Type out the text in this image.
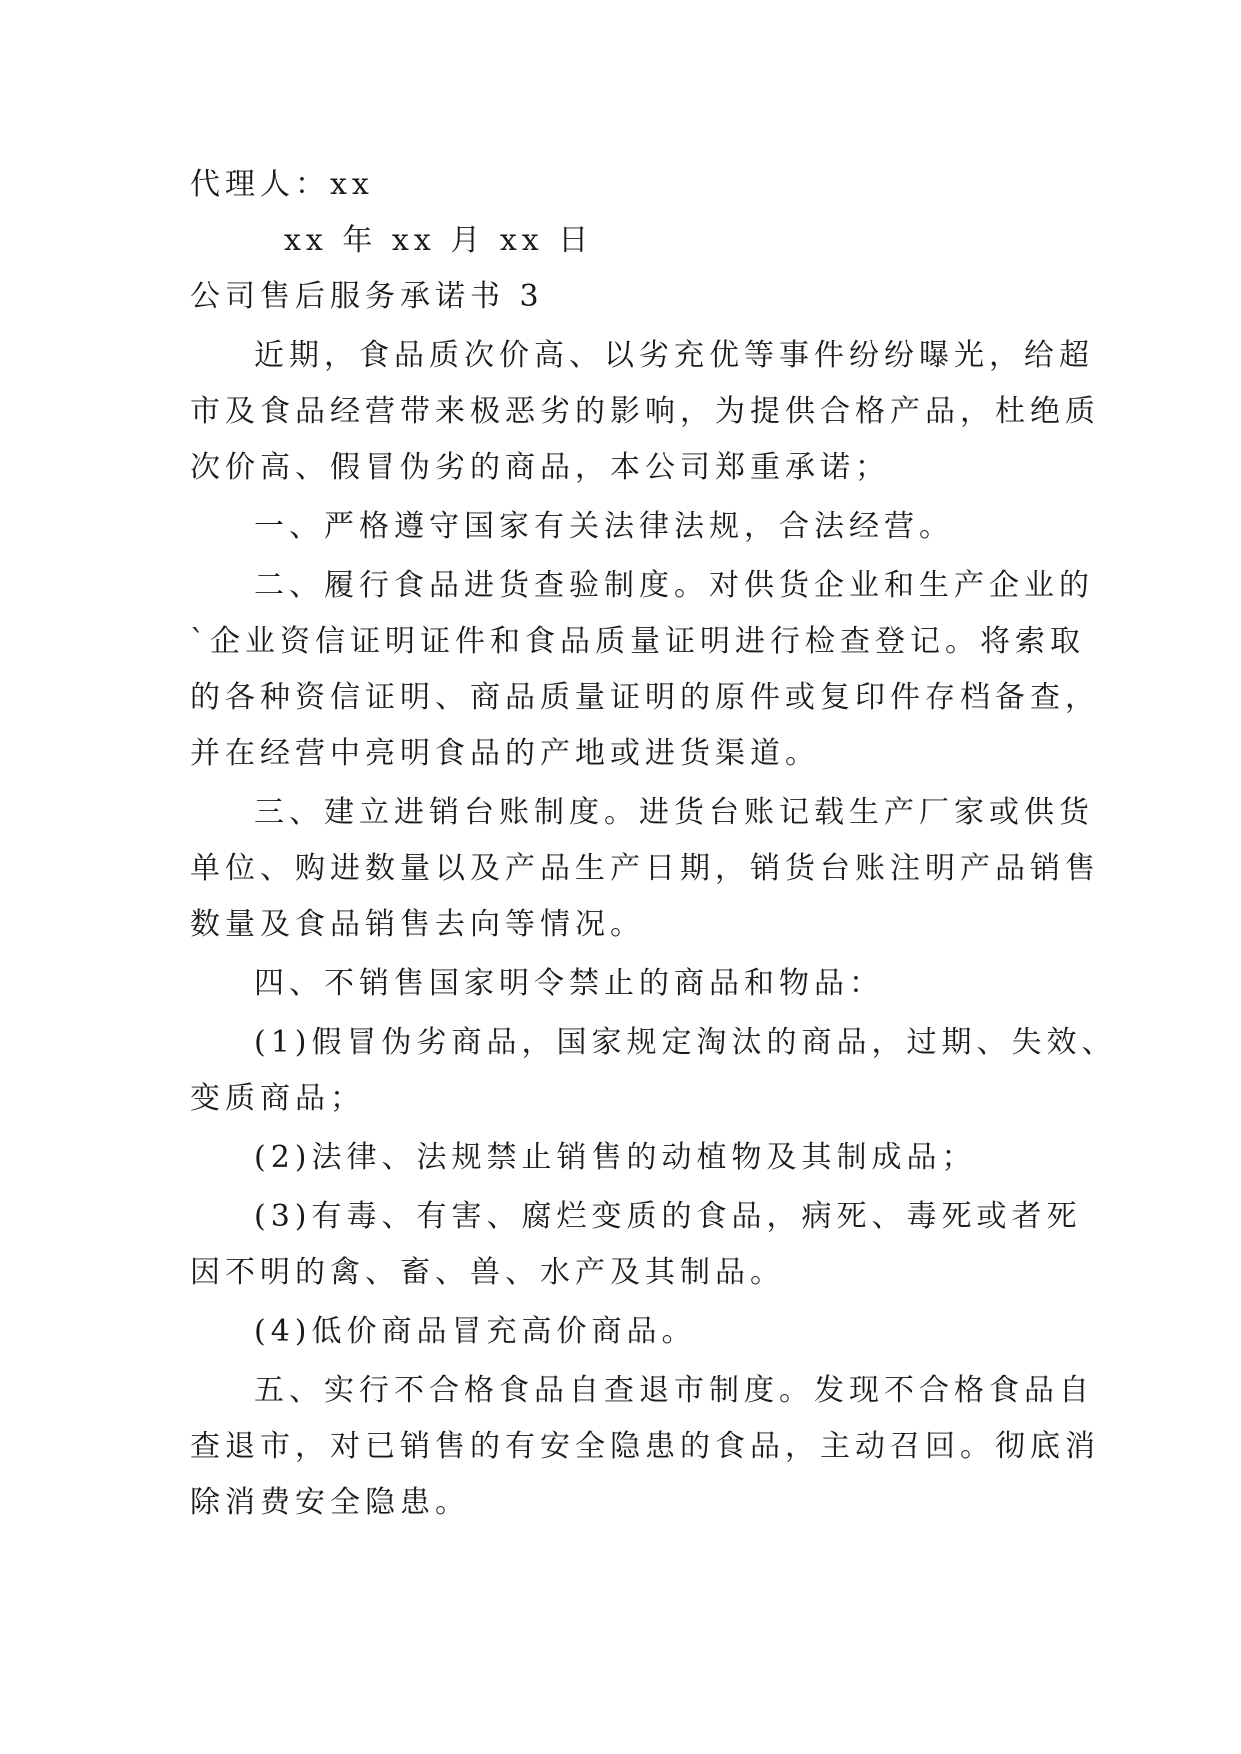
代理人：xx

xx 年 xx 月 xx 日

公司售后服务承诺书 3

近期，食品质次价高、以劣充优等事件纷纷曝光，给超

市及食品经营带来极恶劣的影响，为提供合格产品，杜绝质

次价高、假冒伪劣的商品，本公司郑重承诺；

一、严格遵守国家有关法律法规，合法经营。

二、履行食品进货查验制度。对供货企业和生产企业的

`企业资信证明证件和食品质量证明进行检查登记。将索取

的各种资信证明、商品质量证明的原件或复印件存档备查，

并在经营中亮明食品的产地或进货渠道。

三、建立进销台账制度。进货台账记载生产厂家或供货

单位、购进数量以及产品生产日期，销货台账注明产品销售

数量及食品销售去向等情况。

四、不销售国家明令禁止的商品和物品：

(1)假冒伪劣商品，国家规定淘汰的商品，过期、失效、

变质商品；

(2)法律、法规禁止销售的动植物及其制成品；

(3)有毒、有害、腐烂变质的食品，病死、毒死或者死

因不明的禽、畜、兽、水产及其制品。

(4)低价商品冒充高价商品。

五、实行不合格食品自查退市制度。发现不合格食品自

查退市，对已销售的有安全隐患的食品，主动召回。彻底消

除消费安全隐患。
